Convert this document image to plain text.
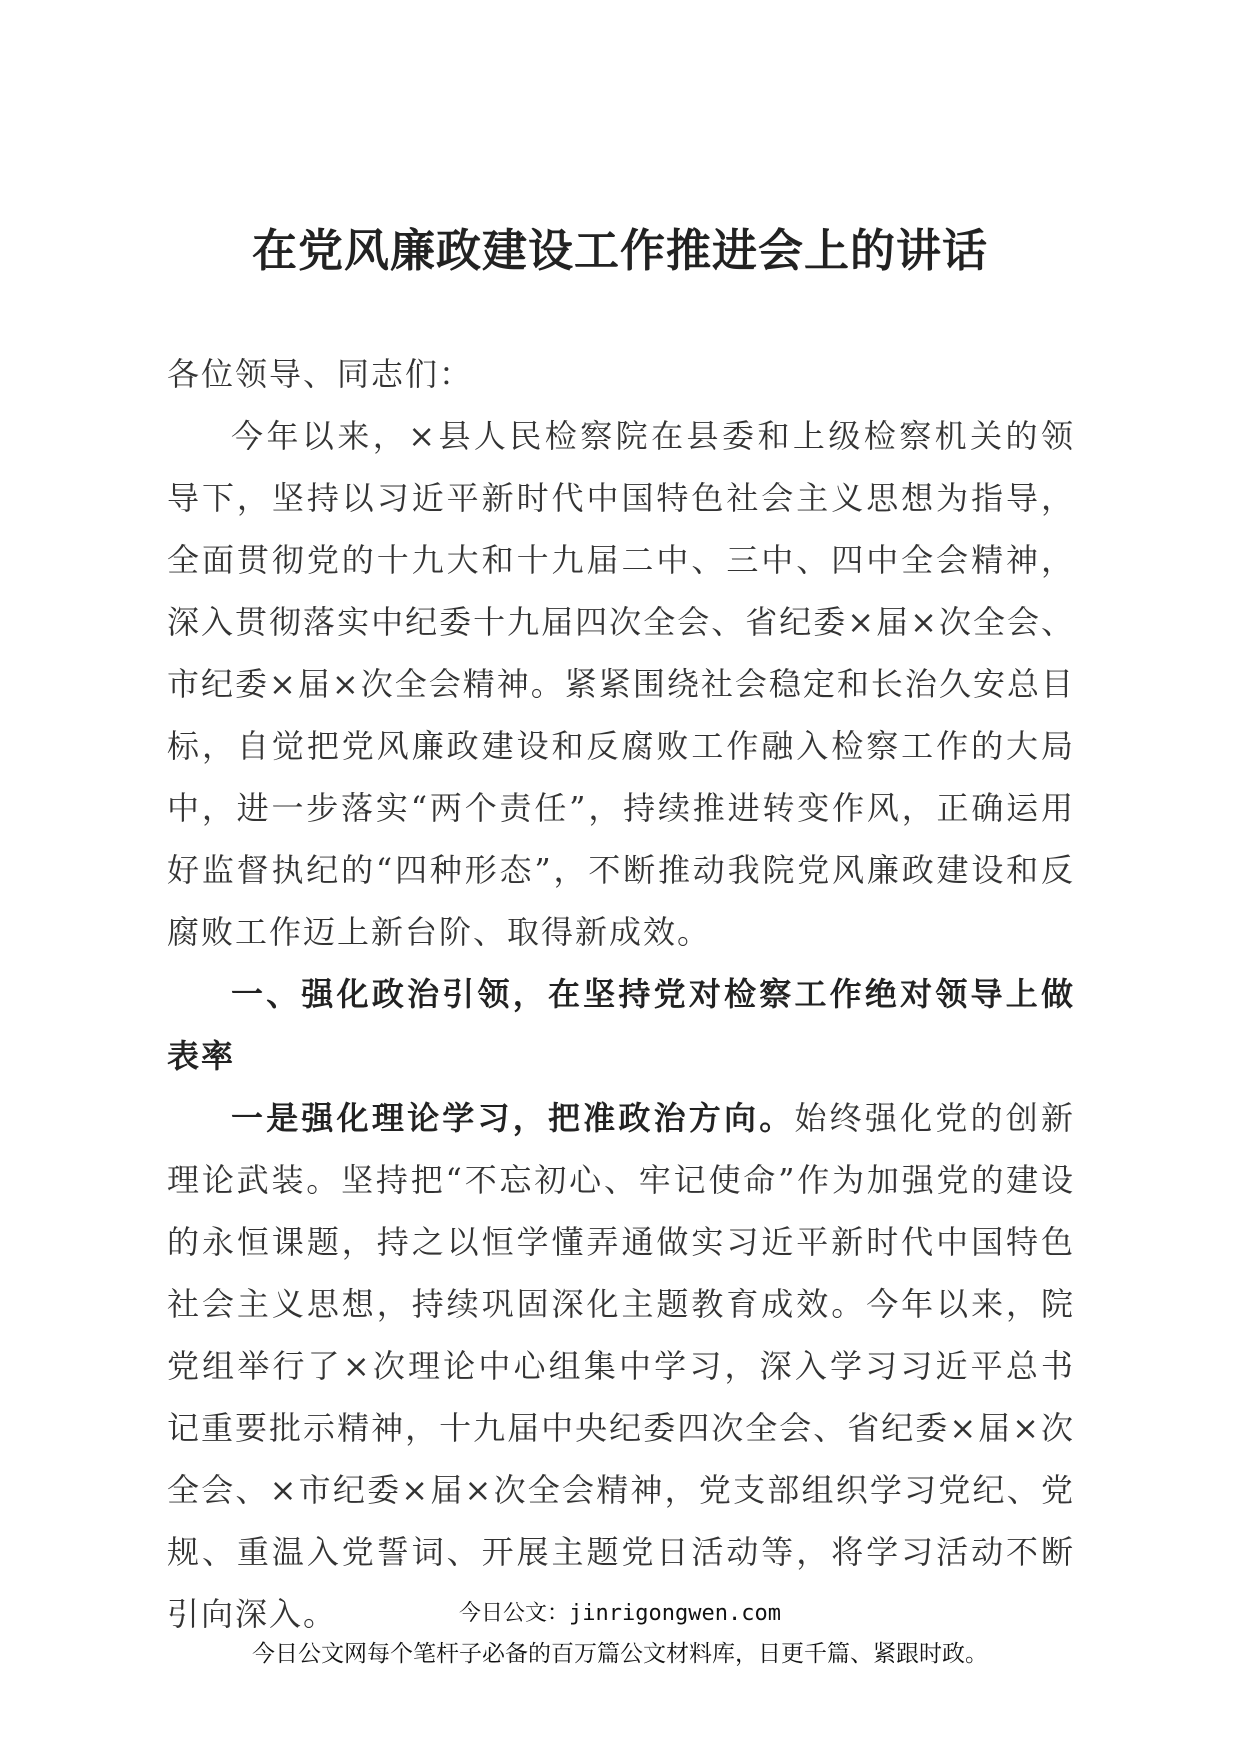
在党风廉政建设工作推进会上的讲话

各位领导、同志们：

今年以来，×县人民检察院在县委和上级检察机关的领导下，坚持以习近平新时代中国特色社会主义思想为指导，全面贯彻党的十九大和十九届二中、三中、四中全会精神，深入贯彻落实中纪委十九届四次全会、省纪委×届×次全会、市纪委×届×次全会精神。紧紧围绕社会稳定和长治久安总目标，自觉把党风廉政建设和反腐败工作融入检察工作的大局中，进一步落实“两个责任”，持续推进转变作风，正确运用好监督执纪的“四种形态”，不断推动我院党风廉政建设和反腐败工作迈上新台阶、取得新成效。

一、强化政治引领，在坚持党对检察工作绝对领导上做表率

一是强化理论学习，把准政治方向。始终强化党的创新理论武装。坚持把“不忘初心、牢记使命”作为加强党的建设的永恒课题，持之以恒学懂弄通做实习近平新时代中国特色社会主义思想，持续巩固深化主题教育成效。今年以来，院党组举行了×次理论中心组集中学习，深入学习习近平总书记重要批示精神，十九届中央纪委四次全会、省纪委×届×次全会、×市纪委×届×次全会精神，党支部组织学习党纪、党规、重温入党誓词、开展主题党日活动等，将学习活动不断引向深入。	今日公文：jinrigongwen.com
今日公文网每个笔杆子必备的百万篇公文材料库，日更千篇、紧跟时政。
